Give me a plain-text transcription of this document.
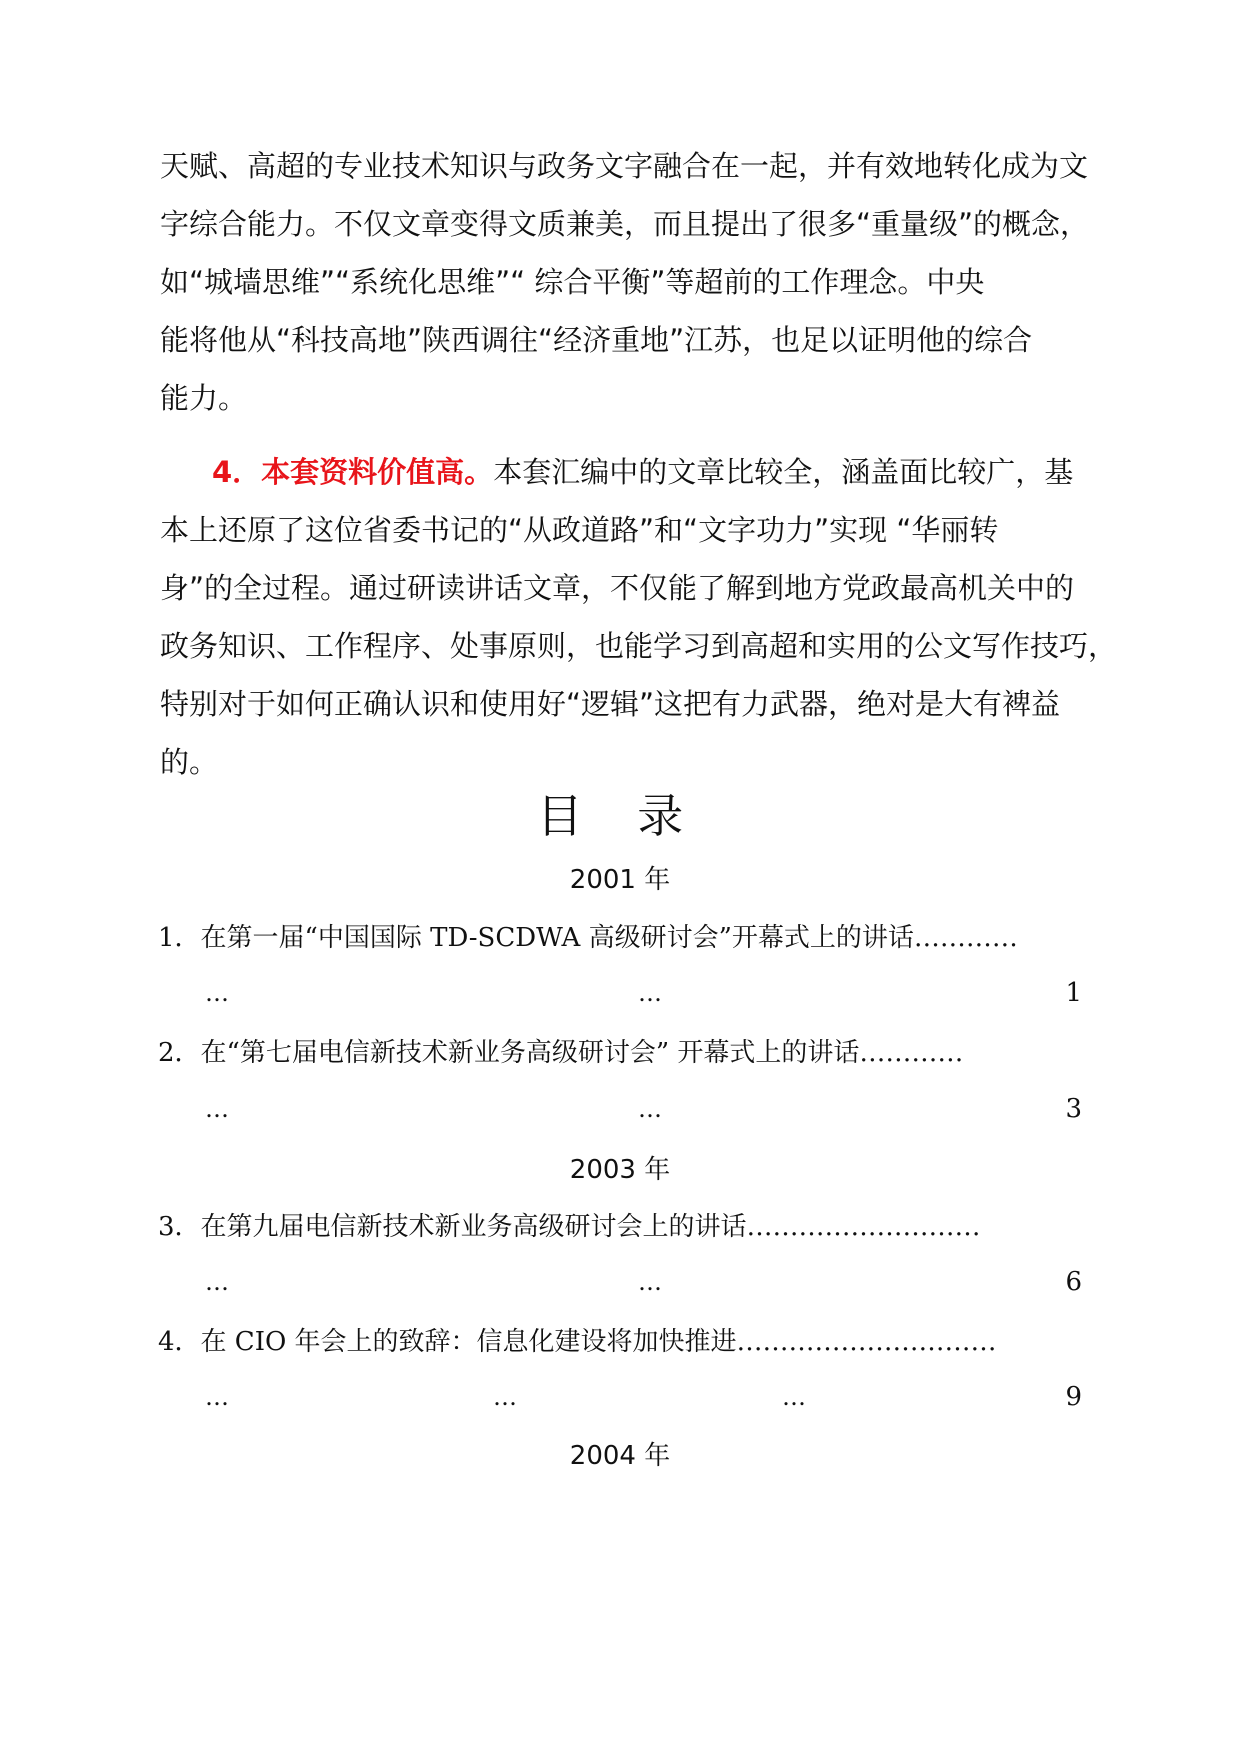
天赋、高超的专业技术知识与政务文字融合在一起，并有效地转化成为文
字综合能力。不仅文章变得文质兼美，而且提出了很多“重量级”的概念，
如“城墙思维”“系统化思维”“ 综合平衡”等超前的工作理念。中央
能将他从“科技高地”陕西调往“经济重地”江苏，也足以证明他的综合
能力。
4．本套资料价值高。本套汇编中的文章比较全，涵盖面比较广，基
本上还原了这位省委书记的“从政道路”和“文字功力”实现 “华丽转
身”的全过程。通过研读讲话文章，不仅能了解到地方党政最高机关中的
政务知识、工作程序、处事原则，也能学习到高超和实用的公文写作技巧，
特别对于如何正确认识和使用好“逻辑”这把有力武器，绝对是大有裨益
的。
目 录
2001 年
1．在第一届“中国国际 TD-SCDWA 高级研讨会”开幕式上的讲话…………
…	…	1
2．在“第七届电信新技术新业务高级研讨会” 开幕式上的讲话…………
…	…	3
2003 年
3．在第九届电信新技术新业务高级研讨会上的讲话………………………
…	…	6
4．在 CIO 年会上的致辞：信息化建设将加快推进…………………………
…	…	…	9
2004 年
